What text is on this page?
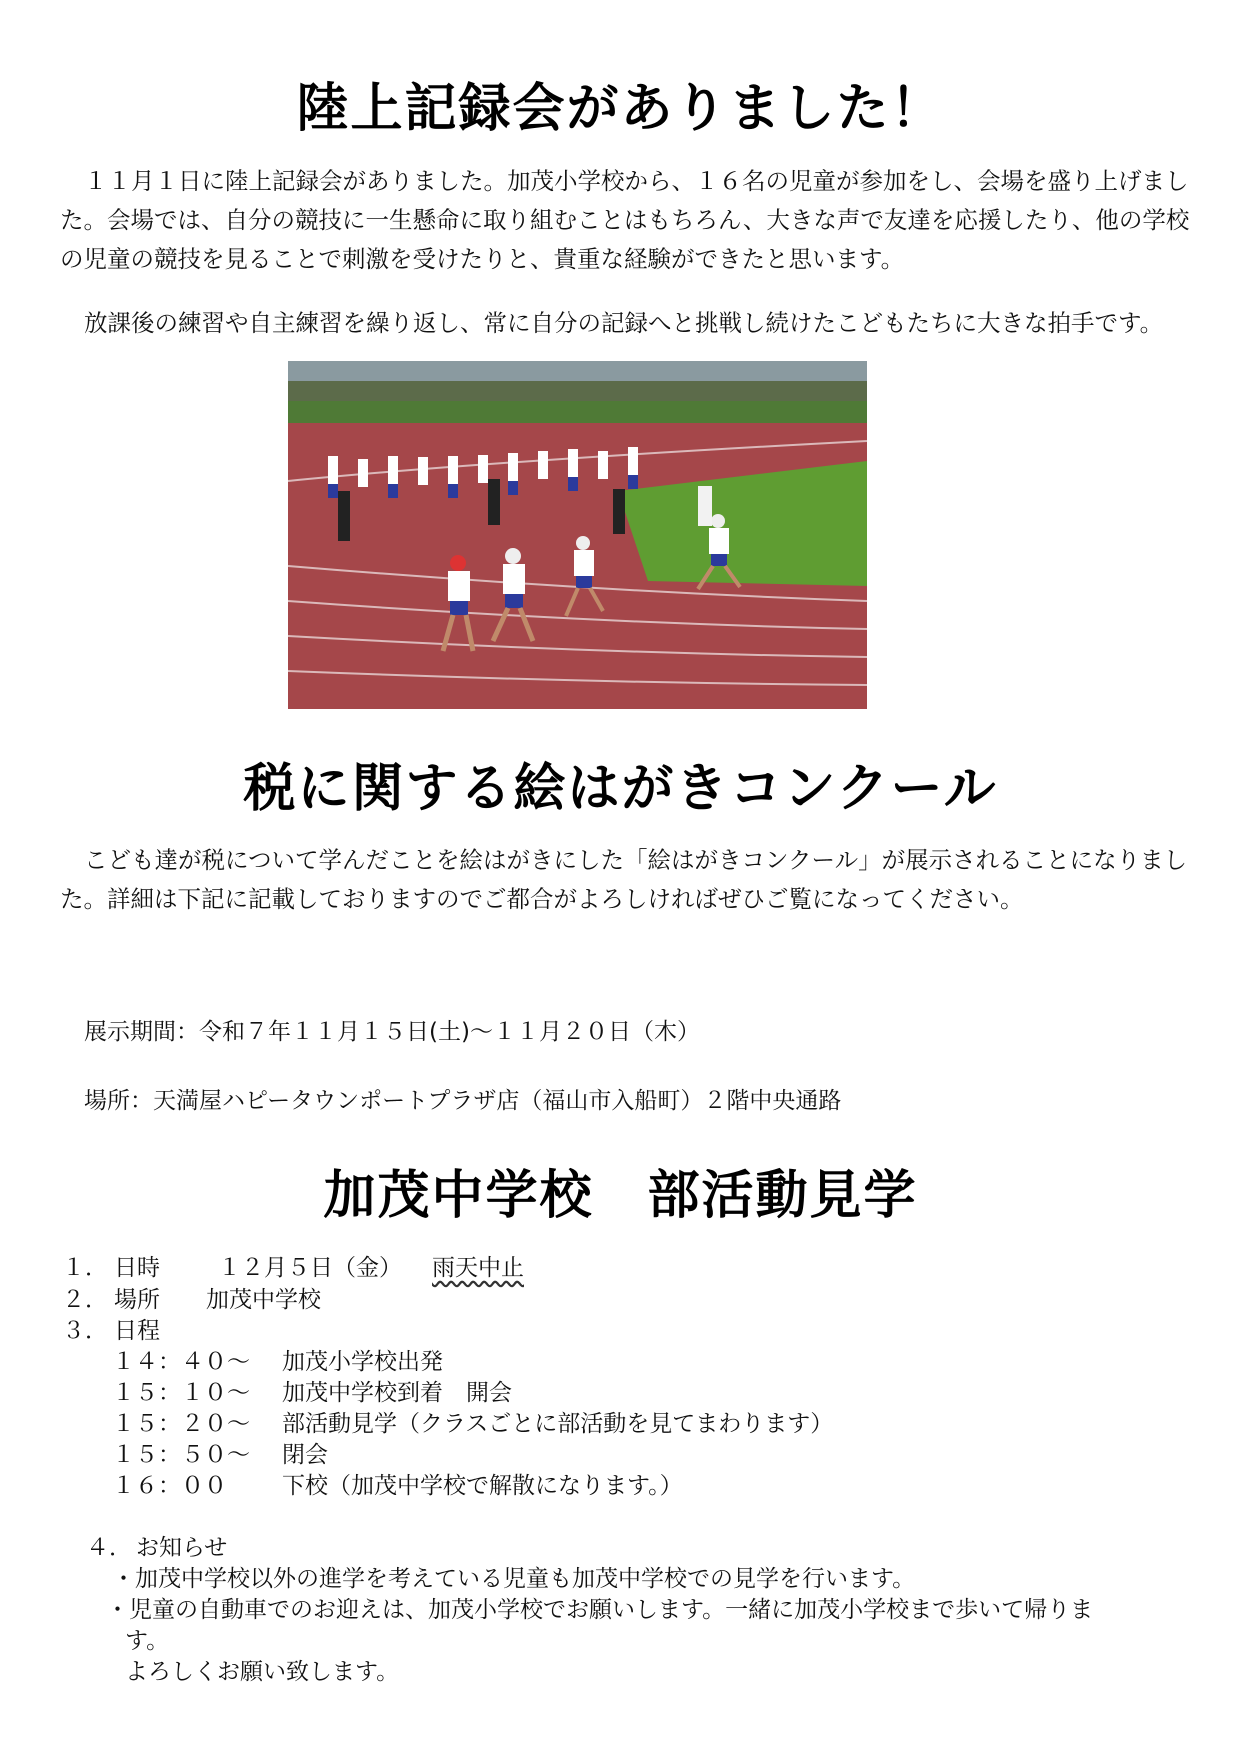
陸上記録会がありました！

１１月１日に陸上記録会がありました。加茂小学校から、１６名の児童が参加をし、会場を盛り上げました。会場では、自分の競技に一生懸命に取り組むことはもちろん、大きな声で友達を応援したり、他の学校の児童の競技を見ることで刺激を受けたりと、貴重な経験ができたと思います。

放課後の練習や自主練習を繰り返し、常に自分の記録へと挑戦し続けたこどもたちに大きな拍手です。

税に関する絵はがきコンクール

こども達が税について学んだことを絵はがきにした「絵はがきコンクール」が展示されることになりました。詳細は下記に記載しておりますのでご都合がよろしければぜひご覧になってください。

展示期間：令和７年１１月１５日(土)～１１月２０日（木）
場所：天満屋ハピータウンポートプラザ店（福山市入船町）２階中央通路
加茂中学校　部活動見学
１． 日時	１２月５日（金） 雨天中止
２． 場所 加茂中学校
３． 日程
１４：４０～ 加茂小学校出発
１５：１０～ 加茂中学校到着　開会
１５：２０～ 部活動見学（クラスごとに部活動を見てまわります）
１５：５０～ 閉会
１６：００ 下校（加茂中学校で解散になります。）
４． お知らせ
・加茂中学校以外の進学を考えている児童も加茂中学校での見学を行います。
・児童の自動車でのお迎えは、加茂小学校でお願いします。一緒に加茂小学校まで歩いて帰りま
す。
よろしくお願い致します。
